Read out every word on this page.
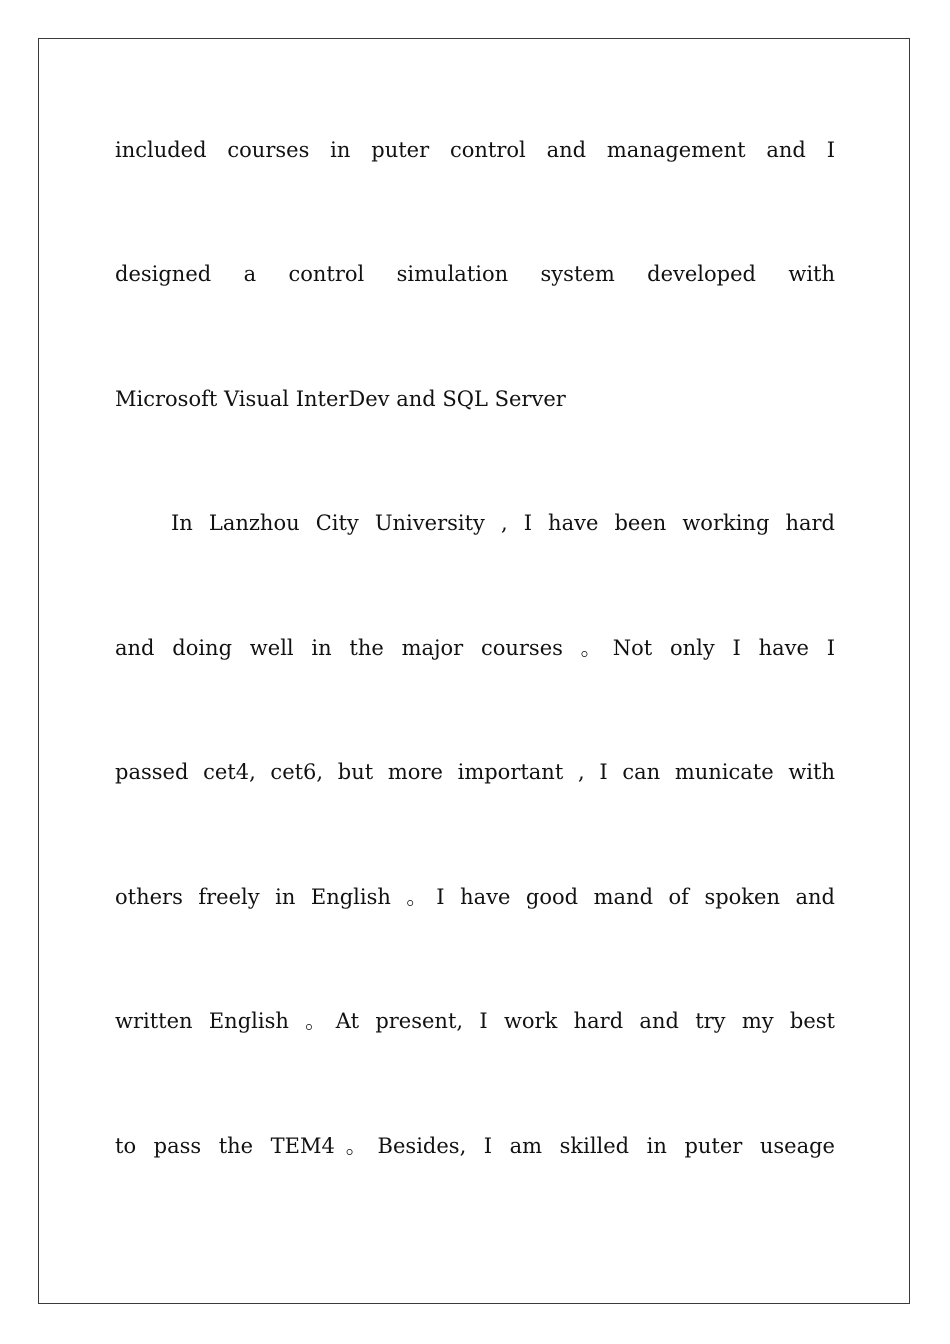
included courses in puter control and management and I
designed a control simulation system developed with
Microsoft Visual InterDev and SQL Server
In Lanzhou City University , I have been working hard
and doing well in the major courses 。Not only I have I
passed cet4, cet6, but more important , I can municate with
others freely in English 。I have good mand of spoken and
written English 。At present, I work hard and try my best
to pass the TEM4。Besides, I am skilled in puter useage
